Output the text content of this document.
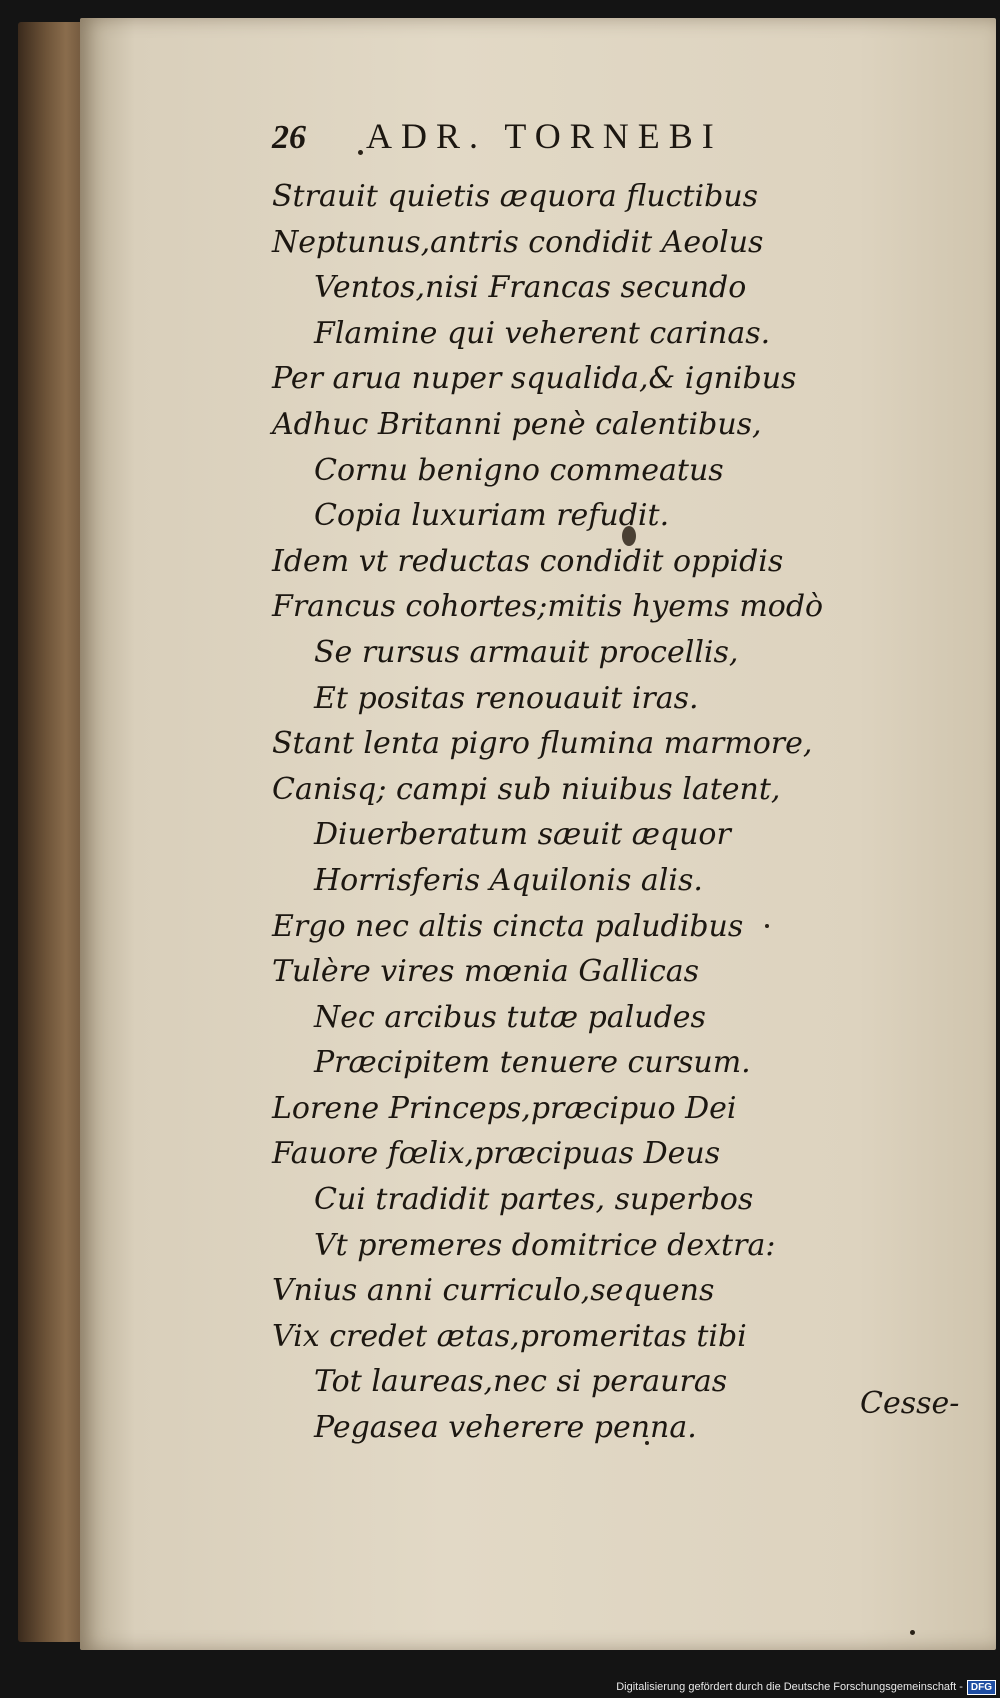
26 ADR. TORNEBI
Strauit quietis æquora fluctibus
Neptunus,antris condidit Aeolus
Ventos,nisi Francas secundo
Flamine qui veherent carinas.
Per arua nuper squalida,& ignibus
Adhuc Britanni penè calentibus,
Cornu benigno commeatus
Copia luxuriam refudit.
Idem vt reductas condidit oppidis
Francus cohortes;mitis hyems modò
Se rursus armauit procellis,
Et positas renouauit iras.
Stant lenta pigro flumina marmore,
Canisq; campi sub niuibus latent,
Diuerberatum sæuit æquor
Horrisferis Aquilonis alis.
Ergo nec altis cincta paludibus
Tulère vires mœnia Gallicas
Nec arcibus tutæ paludes
Præcipitem tenuere cursum.
Lorene Princeps,præcipuo Dei
Fauore fœlix,præcipuas Deus
Cui tradidit partes, superbos
Vt premeres domitrice dextra:
Vnius anni curriculo,sequens
Vix credet ætas,promeritas tibi
Tot laureas,nec si perauras
Pegasea veherere penna.
Cesse-
Digitalisierung gefördert durch die Deutsche Forschungsgemeinschaft - DFG
